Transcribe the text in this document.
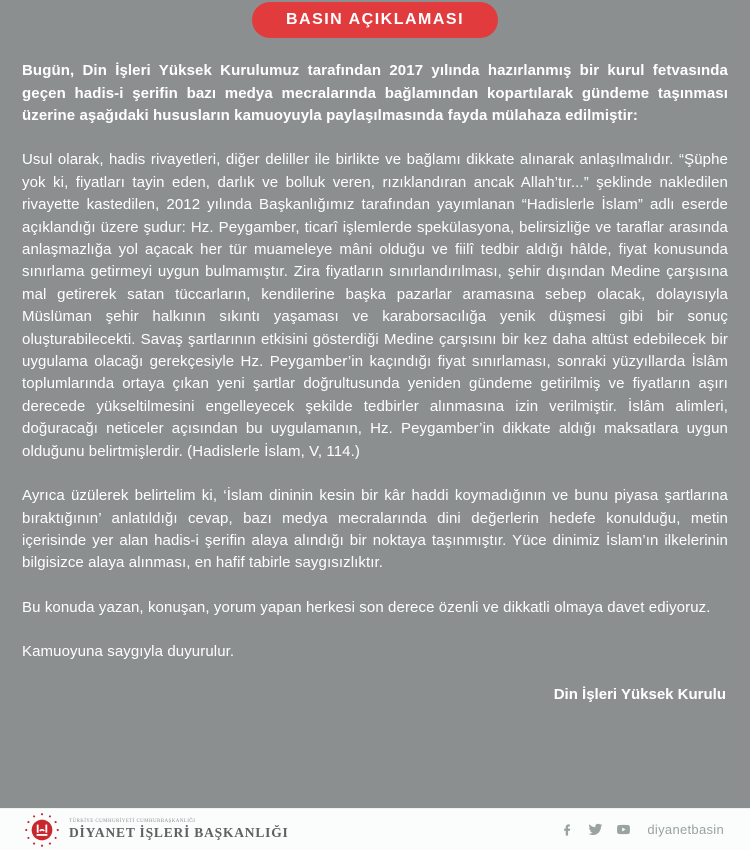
BASIN AÇIKLAMASI

Bugün, Din İşleri Yüksek Kurulumuz tarafından 2017 yılında hazırlanmış bir kurul fetvasında geçen hadis-i şerifin bazı medya mecralarında bağlamından kopartılarak gündeme taşınması üzerine aşağıdaki hususların kamuoyuyla paylaşılmasında fayda mülahaza edilmiştir:

Usul olarak, hadis rivayetleri, diğer deliller ile birlikte ve bağlamı dikkate alınarak anlaşılmalıdır. “Şüphe yok ki, fiyatları tayin eden, darlık ve bolluk veren, rızıklandıran ancak Allah’tır...” şeklinde nakledilen rivayette kastedilen, 2012 yılında Başkanlığımız tarafından yayımlanan “Hadislerle İslam” adlı eserde açıklandığı üzere şudur: Hz. Peygamber, ticarî işlemlerde spekülasyona, belirsizliğe ve taraflar arasında anlaşmazlığa yol açacak her tür muameleye mâni olduğu ve fiilî tedbir aldığı hâlde, fiyat konusunda sınırlama getirmeyi uygun bulmamıştır. Zira fiyatların sınırlandırılması, şehir dışından Medine çarşısına mal getirerek satan tüccarların, kendilerine başka pazarlar aramasına sebep olacak, dolayısıyla Müslüman şehir halkının sıkıntı yaşaması ve karaborsacılığa yenik düşmesi gibi bir sonuç oluşturabilecekti. Savaş şartlarının etkisini gösterdiği Medine çarşısını bir kez daha altüst edebilecek bir uygulama olacağı gerekçesiyle Hz. Peygamber’in kaçındığı fiyat sınırlaması, sonraki yüzyıllarda İslâm toplumlarında ortaya çıkan yeni şartlar doğrultusunda yeniden gündeme getirilmiş ve fiyatların aşırı derecede yükseltilmesini engelleyecek şekilde tedbirler alınmasına izin verilmiştir. İslâm alimleri, doğuracağı neticeler açısından bu uygulamanın, Hz. Peygamber’in dikkate aldığı maksatlara uygun olduğunu belirtmişlerdir. (Hadislerle İslam, V, 114.)

Ayrıca üzülerek belirtelim ki, ‘İslam dininin kesin bir kâr haddi koymadığının ve bunu piyasa şartlarına bıraktığının’ anlatıldığı cevap, bazı medya mecralarında dini değerlerin hedefe konulduğu, metin içerisinde yer alan hadis-i şerifin alaya alındığı bir noktaya taşınmıştır. Yüce dinimiz İslam’ın ilkelerinin bilgisizce alaya alınması, en hafif tabirle saygısızlıktır.

Bu konuda yazan, konuşan, yorum yapan herkesi son derece özenli ve dikkatli olmaya davet ediyoruz.

Kamuoyuna saygıyla duyurulur.

Din İşleri Yüksek Kurulu
TÜRKİYE CUMHURİYETİ CUMHURBAŞKANLIĞI
DİYANET İŞLERİ BAŞKANLIĞI	diyanetbasin
